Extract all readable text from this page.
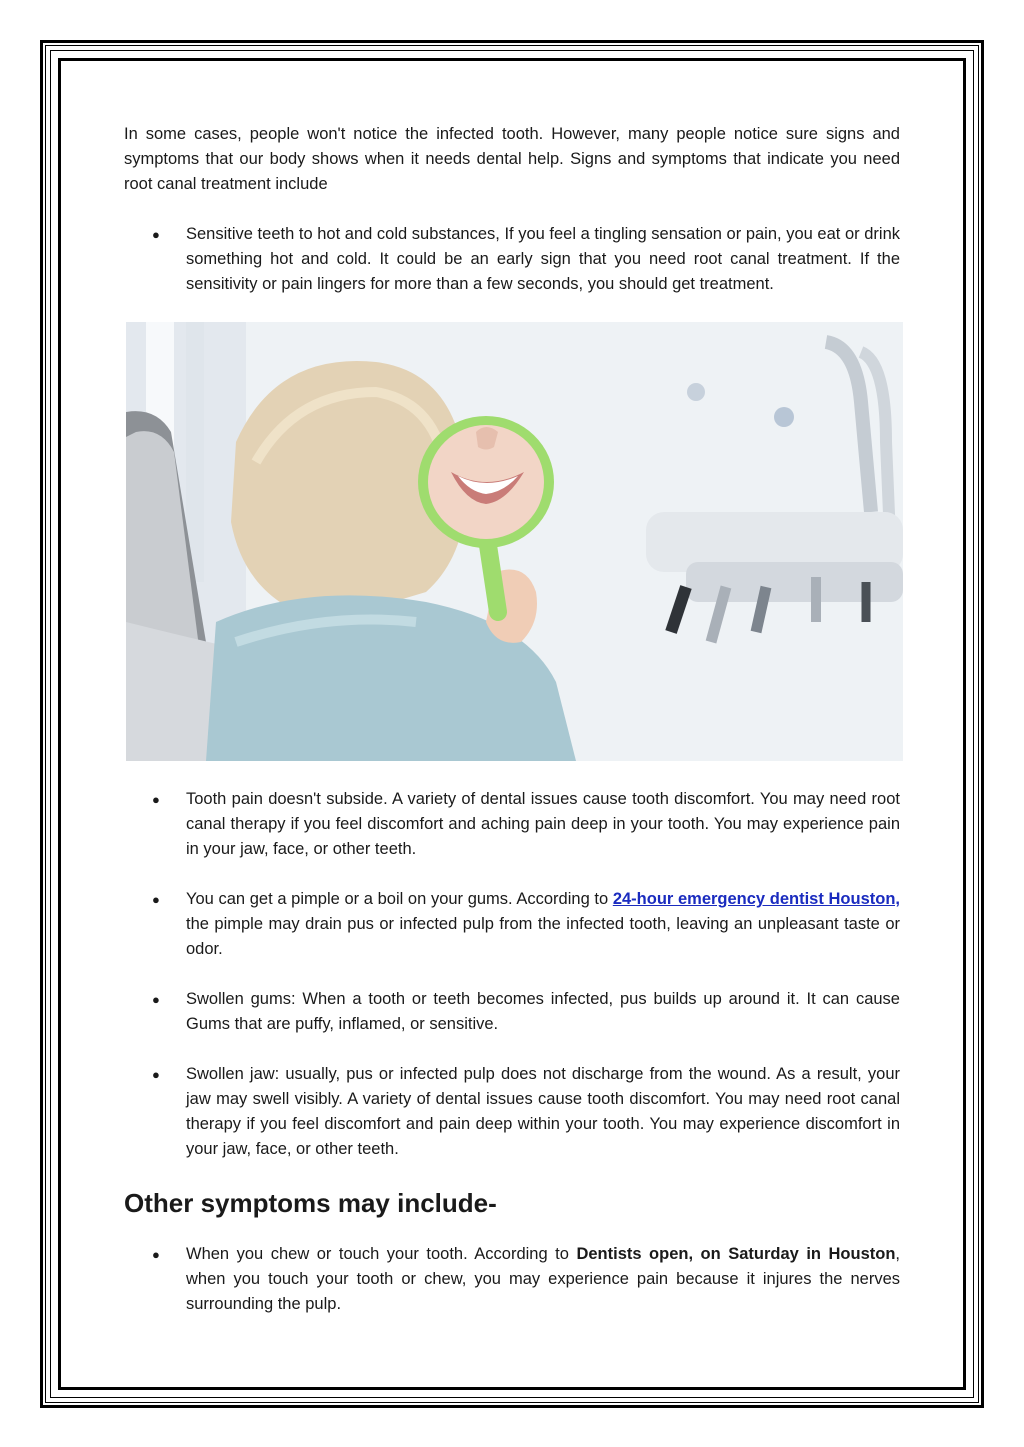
In some cases, people won't notice the infected tooth. However, many people notice sure signs and symptoms that our body shows when it needs dental help. Signs and symptoms that indicate you need root canal treatment include

● Sensitive teeth to hot and cold substances, If you feel a tingling sensation or pain, you eat or drink something hot and cold. It could be an early sign that you need root canal treatment. If the sensitivity or pain lingers for more than a few seconds, you should get treatment.
● Tooth pain doesn't subside. A variety of dental issues cause tooth discomfort. You may need root canal therapy if you feel discomfort and aching pain deep in your tooth. You may experience pain in your jaw, face, or other teeth.
● You can get a pimple or a boil on your gums. According to 24-hour emergency dentist Houston, the pimple may drain pus or infected pulp from the infected tooth, leaving an unpleasant taste or odor.
● Swollen gums: When a tooth or teeth becomes infected, pus builds up around it. It can cause Gums that are puffy, inflamed, or sensitive.
● Swollen jaw: usually, pus or infected pulp does not discharge from the wound. As a result, your jaw may swell visibly. A variety of dental issues cause tooth discomfort. You may need root canal therapy if you feel discomfort and pain deep within your tooth. You may experience discomfort in your jaw, face, or other teeth.
Other symptoms may include-
● When you chew or touch your tooth. According to Dentists open, on Saturday in Houston, when you touch your tooth or chew, you may experience pain because it injures the nerves surrounding the pulp.
